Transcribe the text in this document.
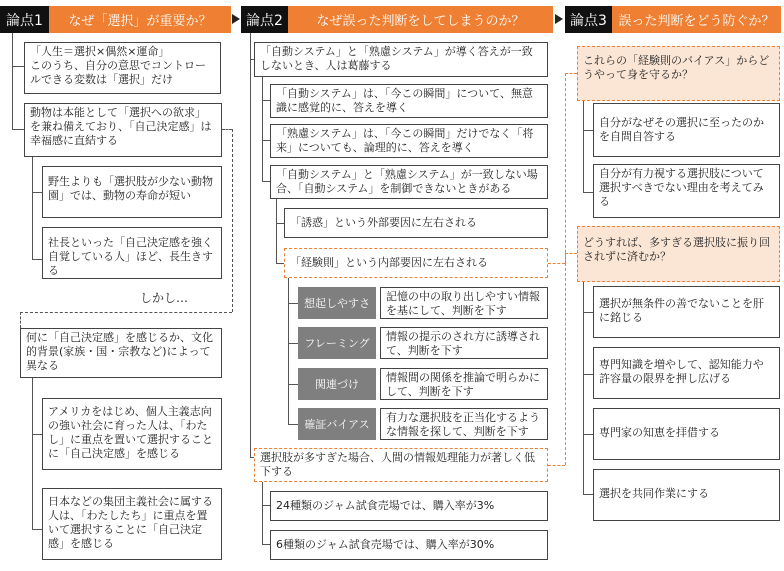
論点1	なぜ「選択」が重要か？	論点2	なぜ誤った判断をしてしまうのか？	論点3 誤った判断をどう防ぐか？
「人生＝選択×偶然×運命」
このうち、自分の意思でコントロールできる変数は「選択」だけ
動物は本能として「選択への欲求」を兼ね備えており、「自己決定感」は幸福感に直結する
野生よりも「選択肢が少ない動物園」では、動物の寿命が短い
社長といった「自己決定感を強く自覚している人」ほど、長生きする
しかし…
何に「自己決定感」を感じるか、文化的背景(家族・国・宗教など)によって異なる
アメリカをはじめ、個人主義志向の強い社会に育った人は、「わたし」に重点を置いて選択することに「自己決定感」を感じる
日本などの集団主義社会に属する人は、「わたしたち」に重点を置いて選択することに「自己決定感」を感じる
「自動システム」と「熟慮システム」が導く答えが一致しないとき、人は葛藤する
「自動システム」は、「今この瞬間」について、無意識に感覚的に、答えを導く
「熟慮システム」は、「今この瞬間」だけでなく「将来」についても、論理的に、答えを導く
「自動システム」と「熟慮システム」が一致しない場合、「自動システム」を制御できないときがある
「誘惑」という外部要因に左右される
「経験則」という内部要因に左右される
想起しやすさ
記憶の中の取り出しやすい情報を基にして、判断を下す
フレーミング
情報の提示のされ方に誘導されて、判断を下す
関連づけ
情報間の関係を推論で明らかにして、判断を下す
確証バイアス
有力な選択肢を正当化するような情報を探して、判断を下す
選択肢が多すぎた場合、人間の情報処理能力が著しく低下する
24種類のジャム試食売場では、購入率が3%
6種類のジャム試食売場では、購入率が30%
これらの「経験則のバイアス」からどうやって身を守るか？
自分がなぜその選択に至ったのかを自問自答する
自分が有力視する選択肢について選択すべきでない理由を考えてみる
どうすれば、多すぎる選択肢に振り回されずに済むか？
選択が無条件の善でないことを肝に銘じる
専門知識を増やして、認知能力や許容量の限界を押し広げる
専門家の知恵を拝借する
選択を共同作業にする
